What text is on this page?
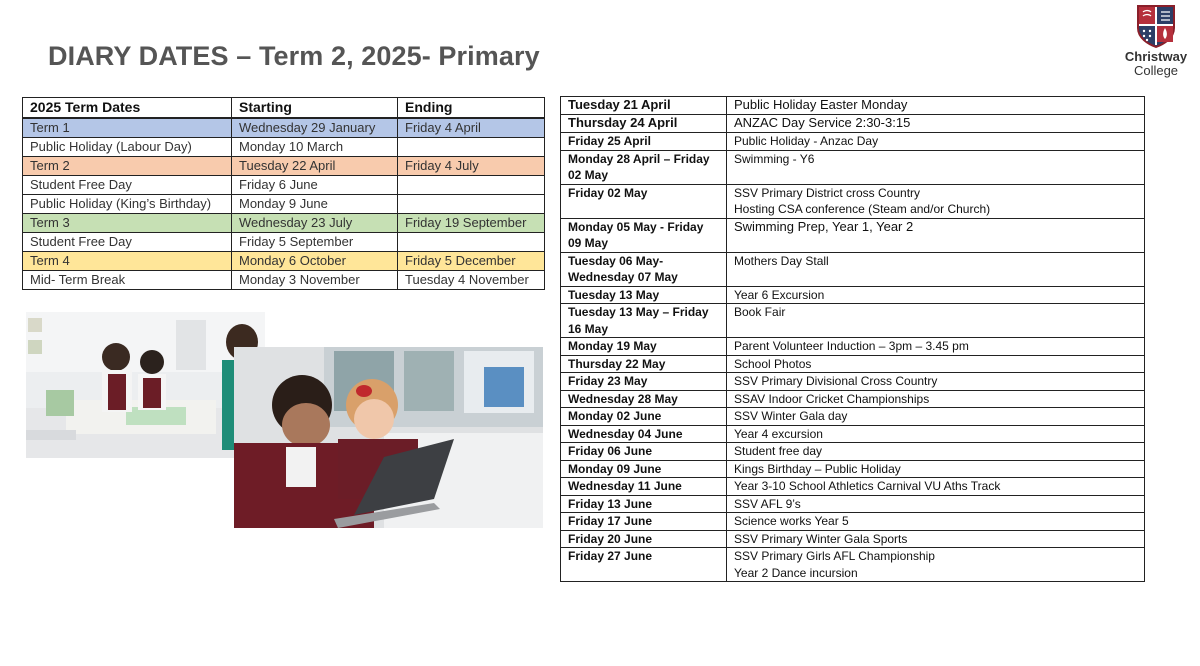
DIARY DATES – Term 2, 2025- Primary	Christway
College
2025 Term Dates	Starting	Ending
Term 1	Wednesday 29 January	Friday 4 April
Public Holiday (Labour Day)	Monday 10 March	
Term 2	Tuesday 22 April	Friday 4 July
Student Free Day	Friday 6 June	
Public Holiday (King’s Birthday)	Monday 9 June	
Term 3	Wednesday 23 July	Friday 19 September
Student Free Day	Friday 5 September	
Term 4	Monday 6 October	Friday 5 December
Mid- Term Break	Monday 3 November	Tuesday 4 November
Tuesday 21 April	Public Holiday Easter Monday
Thursday 24 April	ANZAC Day Service 2:30-3:15
Friday 25 April	Public Holiday - Anzac Day
Monday 28 April – Friday 02 May	Swimming - Y6
Friday 02 May	SSV Primary District cross Country
Hosting CSA conference (Steam and/or Church)
Monday 05 May - Friday 09 May	Swimming Prep, Year 1, Year 2
Tuesday 06 May- Wednesday 07 May	Mothers Day Stall
Tuesday 13 May	Year 6 Excursion
Tuesday 13 May – Friday 16 May	Book Fair
Monday 19 May	Parent Volunteer Induction – 3pm – 3.45 pm
Thursday 22 May	School Photos
Friday 23 May	SSV Primary Divisional Cross Country
Wednesday 28 May	SSAV Indoor Cricket Championships
Monday 02 June	SSV Winter Gala day
Wednesday 04 June	Year 4 excursion
Friday 06 June	Student free day
Monday 09 June	Kings Birthday – Public Holiday
Wednesday 11 June	Year 3-10 School Athletics Carnival VU Aths Track
Friday 13 June	SSV AFL 9’s
Friday 17 June	Science works Year 5
Friday 20 June	SSV Primary Winter Gala Sports
Friday 27 June	SSV Primary Girls AFL Championship
Year 2 Dance incursion
